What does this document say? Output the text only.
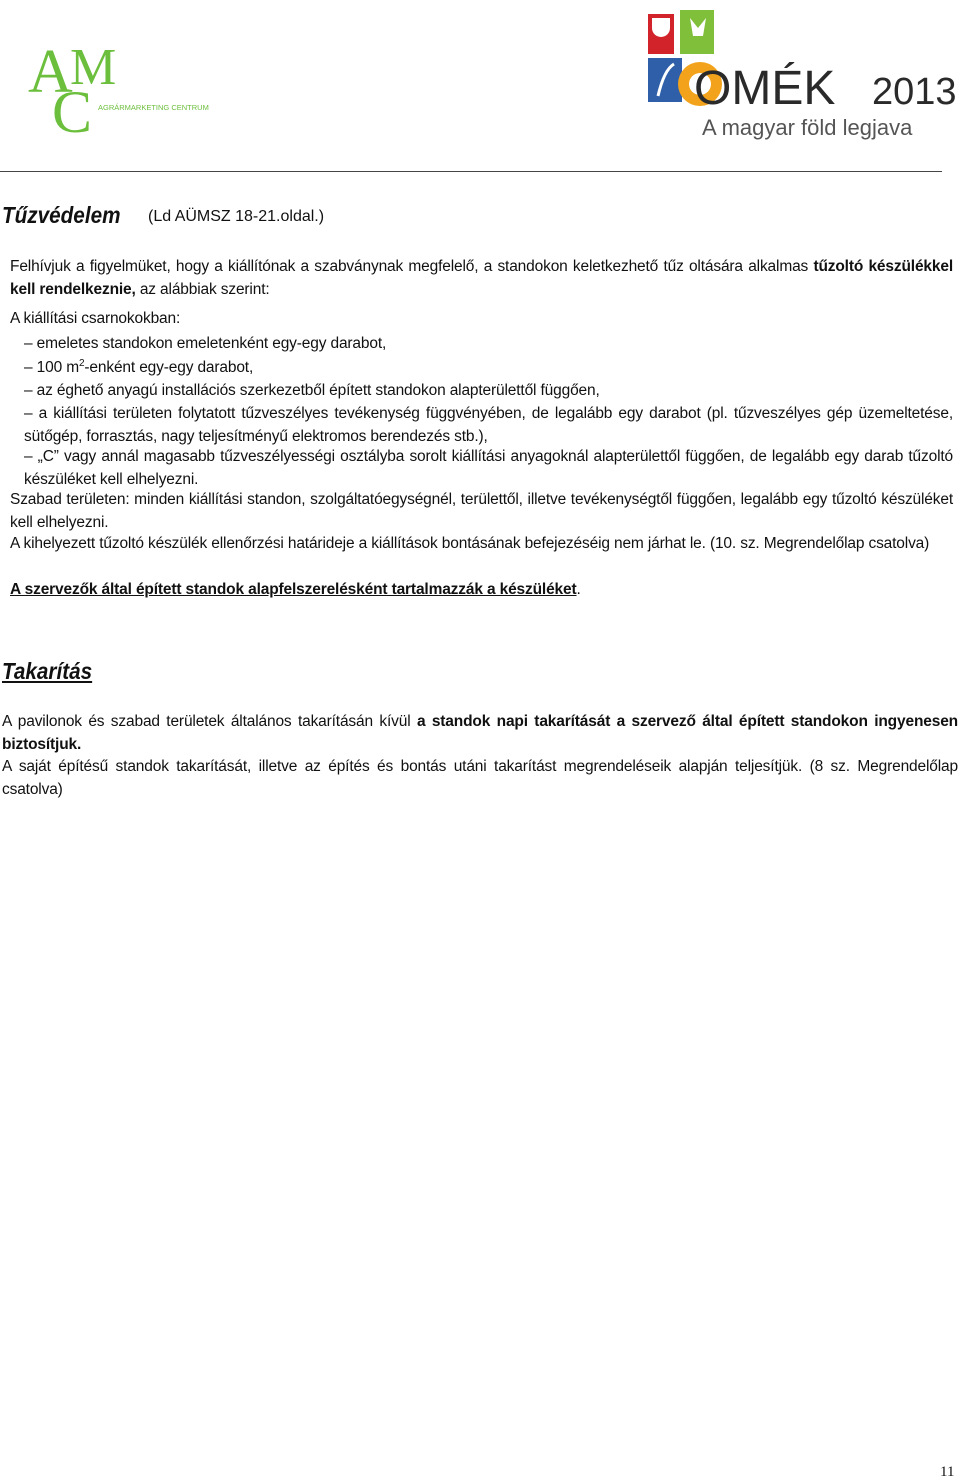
A
M
C AGRÁRMARKETING CENTRUM	OMÉK 2013
A magyar föld legjava
Tűzvédelem (Ld AÜMSZ 18-21.oldal.)
Felhívjuk a figyelmüket, hogy a kiállítónak a szabványnak megfelelő, a standokon keletkezhető tűz oltására alkalmas tűzoltó készülékkel kell rendelkeznie, az alábbiak szerint:
A kiállítási csarnokokban:
– emeletes standokon emeletenként egy-egy darabot,
– 100 $m^2$-enként egy-egy darabot,
– az éghető anyagú installációs szerkezetből épített standokon alapterülettől függően,
– a kiállítási területen folytatott tűzveszélyes tevékenység függvényében, de legalább egy darabot (pl. tűzveszélyes gép üzemeltetése, sütőgép, forrasztás, nagy teljesítményű elektromos berendezés stb.),
– „C” vagy annál magasabb tűzveszélyességi osztályba sorolt kiállítási anyagoknál alapterülettől függően, de legalább egy darab tűzoltó készüléket kell elhelyezni.
Szabad területen: minden kiállítási standon, szolgáltatóegységnél, területtől, illetve tevékenységtől függően, legalább egy tűzoltó készüléket kell elhelyezni.
A kihelyezett tűzoltó készülék ellenőrzési határideje a kiállítások bontásának befejezéséig nem járhat le. (10. sz. Megrendelőlap csatolva)
A szervezők által épített standok alapfelszerelésként tartalmazzák a készüléket.
Takarítás
A pavilonok és szabad területek általános takarításán kívül a standok napi takarítását a szervező által épített standokon ingyenesen biztosítjuk.
A saját építésű standok takarítását, illetve az építés és bontás utáni takarítást megrendeléseik alapján teljesítjük. (8 sz. Megrendelőlap csatolva)
11
